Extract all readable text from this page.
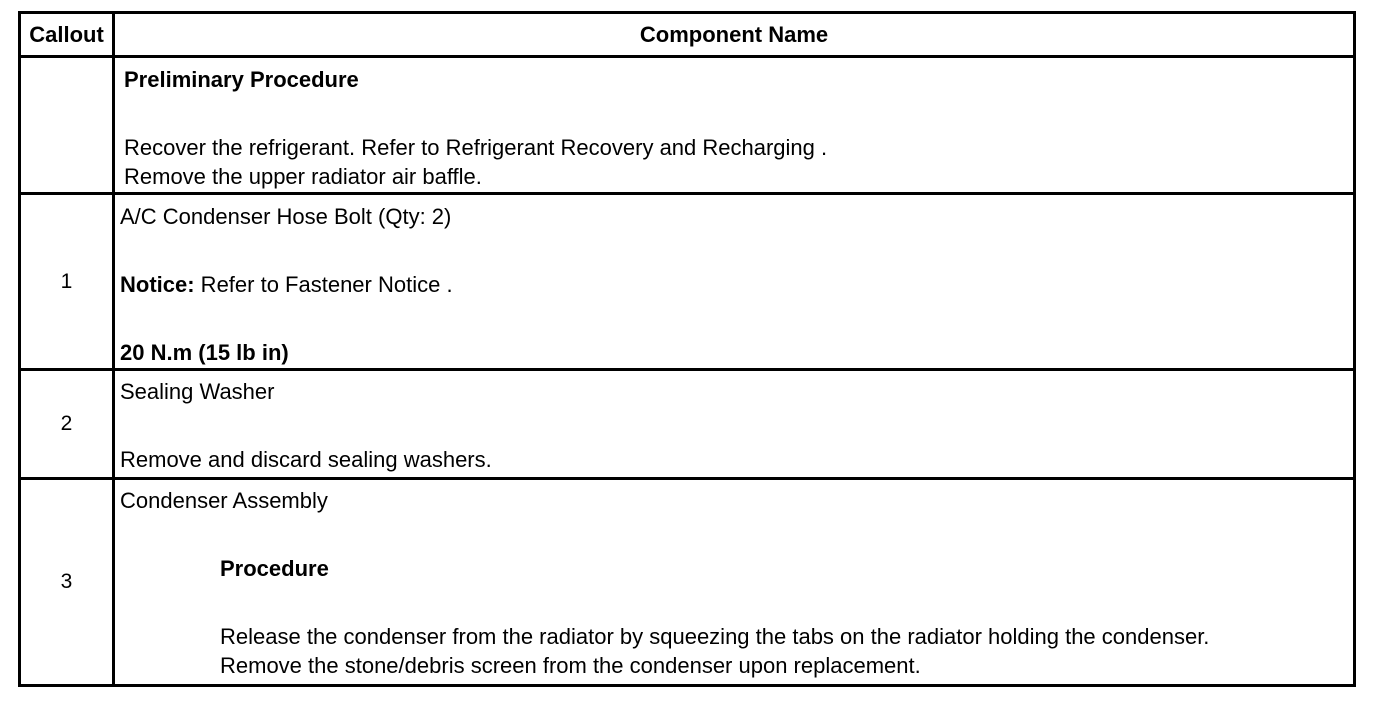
Callout	Component Name
Preliminary Procedure
Recover the refrigerant. Refer to Refrigerant Recovery and Recharging .
Remove the upper radiator air baffle.
1
A/C Condenser Hose Bolt (Qty: 2)
Notice: Refer to Fastener Notice .
20 N.m (15 lb in)
2
Sealing Washer
Remove and discard sealing washers.
3
Condenser Assembly
Procedure
Release the condenser from the radiator by squeezing the tabs on the radiator holding the condenser.
Remove the stone/debris screen from the condenser upon replacement.
